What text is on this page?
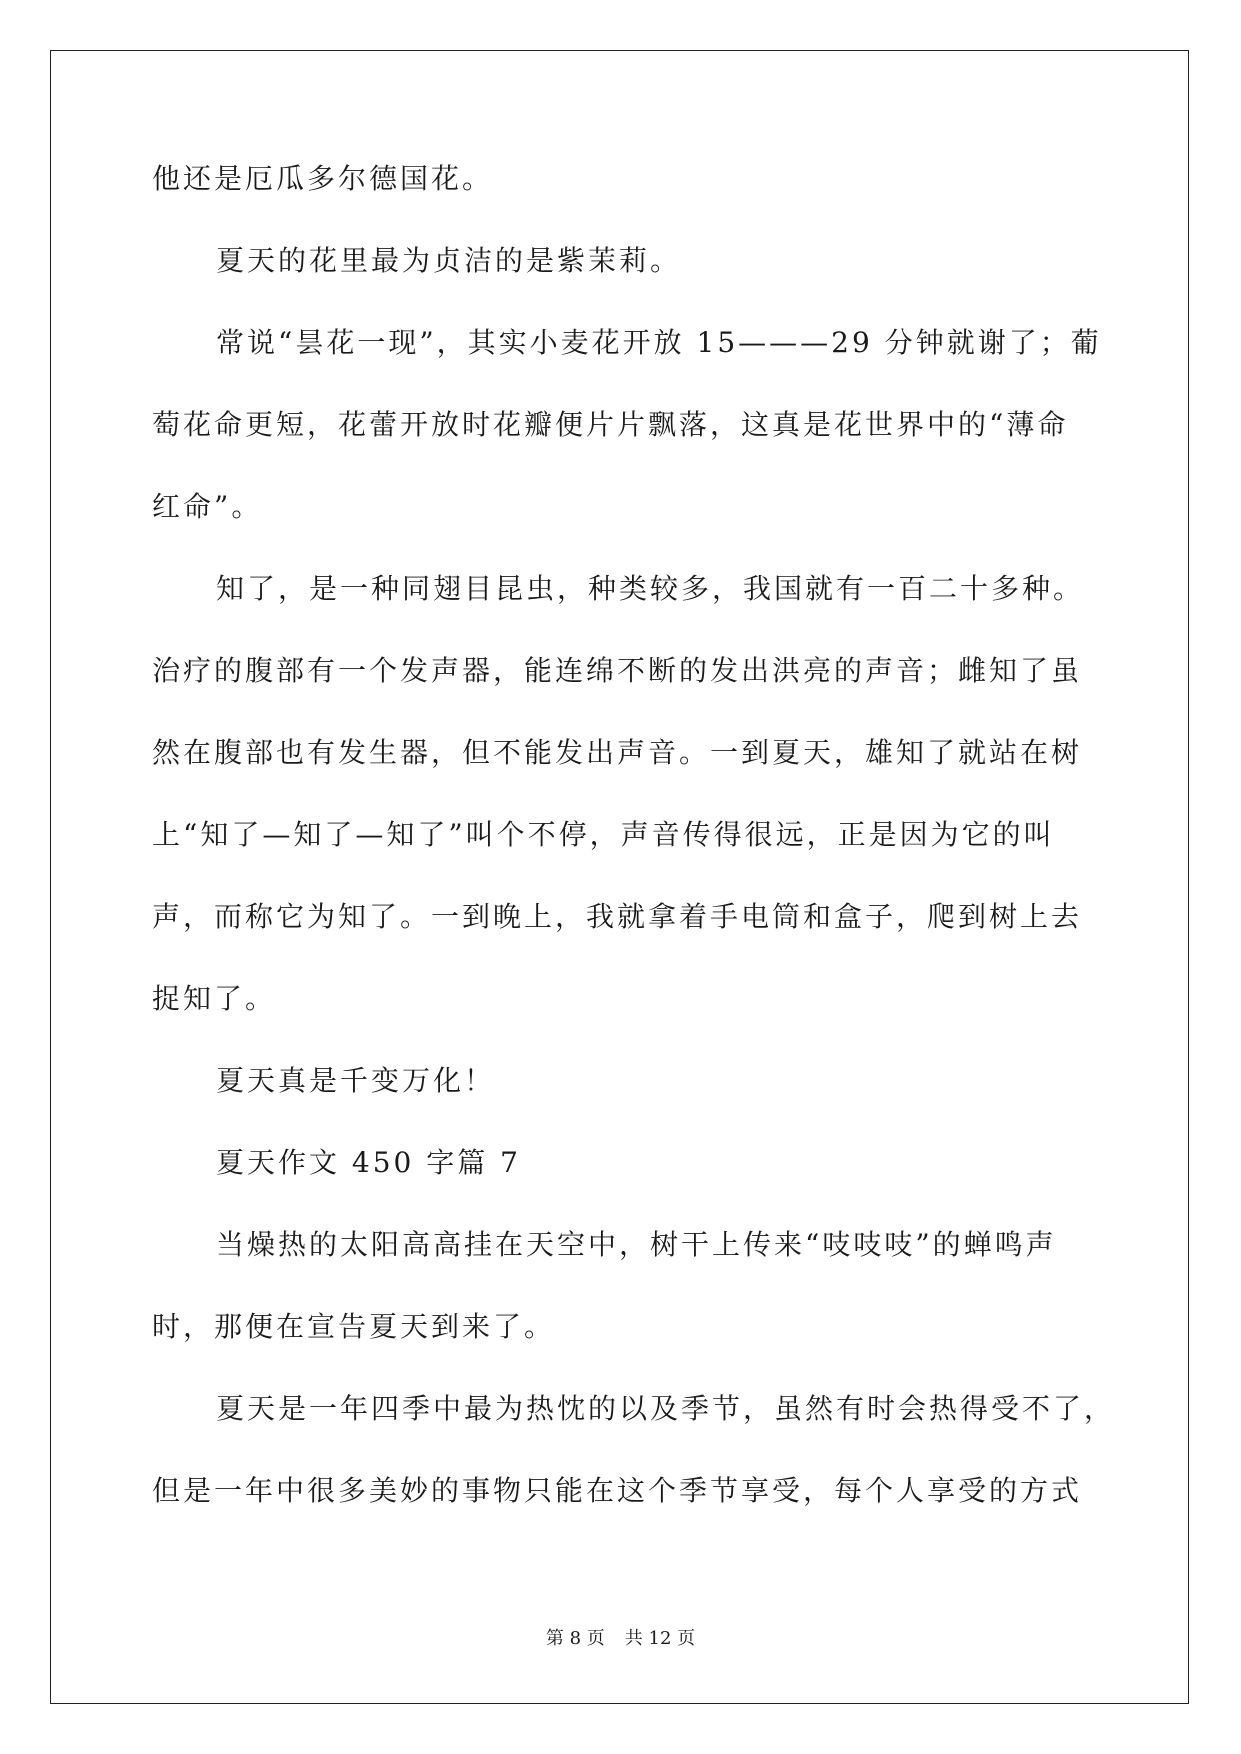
他还是厄瓜多尔德国花。
夏天的花里最为贞洁的是紫茉莉。
常说“昙花一现”，其实小麦花开放 15———29 分钟就谢了；葡
萄花命更短，花蕾开放时花瓣便片片飘落，这真是花世界中的“薄命
红命”。
知了，是一种同翅目昆虫，种类较多，我国就有一百二十多种。
治疗的腹部有一个发声器，能连绵不断的发出洪亮的声音；雌知了虽
然在腹部也有发生器，但不能发出声音。一到夏天，雄知了就站在树
上“知了—知了—知了”叫个不停，声音传得很远，正是因为它的叫
声，而称它为知了。一到晚上，我就拿着手电筒和盒子，爬到树上去
捉知了。
夏天真是千变万化！
夏天作文 450 字篇 7
当燥热的太阳高高挂在天空中，树干上传来“吱吱吱”的蝉鸣声
时，那便在宣告夏天到来了。
夏天是一年四季中最为热忱的以及季节，虽然有时会热得受不了，
但是一年中很多美妙的事物只能在这个季节享受，每个人享受的方式
第 8 页 共 12 页
